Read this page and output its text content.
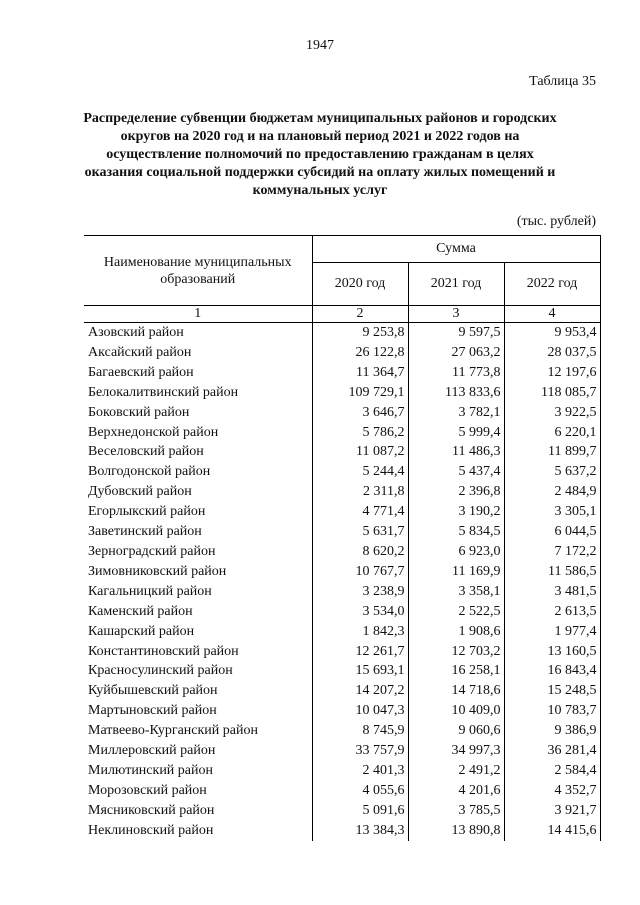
1947
Таблица 35
Распределение субвенции бюджетам муниципальных районов и городских округов на 2020 год и на плановый период 2021 и 2022 годов на осуществление полномочий по предоставлению гражданам в целях оказания социальной поддержки субсидий на оплату жилых помещений и коммунальных услуг
(тыс. рублей)
Наименование муниципальных образований	Сумма		
	2020 год	2021 год	2022 год
1	2	3	4
Азовский район	9 253,8	9 597,5	9 953,4
Аксайский район	26 122,8	27 063,2	28 037,5
Багаевский район	11 364,7	11 773,8	12 197,6
Белокалитвинский район	109 729,1	113 833,6	118 085,7
Боковский район	3 646,7	3 782,1	3 922,5
Верхнедонской район	5 786,2	5 999,4	6 220,1
Веселовский район	11 087,2	11 486,3	11 899,7
Волгодонской район	5 244,4	5 437,4	5 637,2
Дубовский район	2 311,8	2 396,8	2 484,9
Егорлыкский район	4 771,4	3 190,2	3 305,1
Заветинский район	5 631,7	5 834,5	6 044,5
Зерноградский район	8 620,2	6 923,0	7 172,2
Зимовниковский район	10 767,7	11 169,9	11 586,5
Кагальницкий район	3 238,9	3 358,1	3 481,5
Каменский район	3 534,0	2 522,5	2 613,5
Кашарский район	1 842,3	1 908,6	1 977,4
Константиновский район	12 261,7	12 703,2	13 160,5
Красносулинский район	15 693,1	16 258,1	16 843,4
Куйбышевский район	14 207,2	14 718,6	15 248,5
Мартыновский район	10 047,3	10 409,0	10 783,7
Матвеево-Курганский район	8 745,9	9 060,6	9 386,9
Миллеровский район	33 757,9	34 997,3	36 281,4
Милютинский район	2 401,3	2 491,2	2 584,4
Морозовский район	4 055,6	4 201,6	4 352,7
Мясниковский район	5 091,6	3 785,5	3 921,7
Неклиновский район	13 384,3	13 890,8	14 415,6
